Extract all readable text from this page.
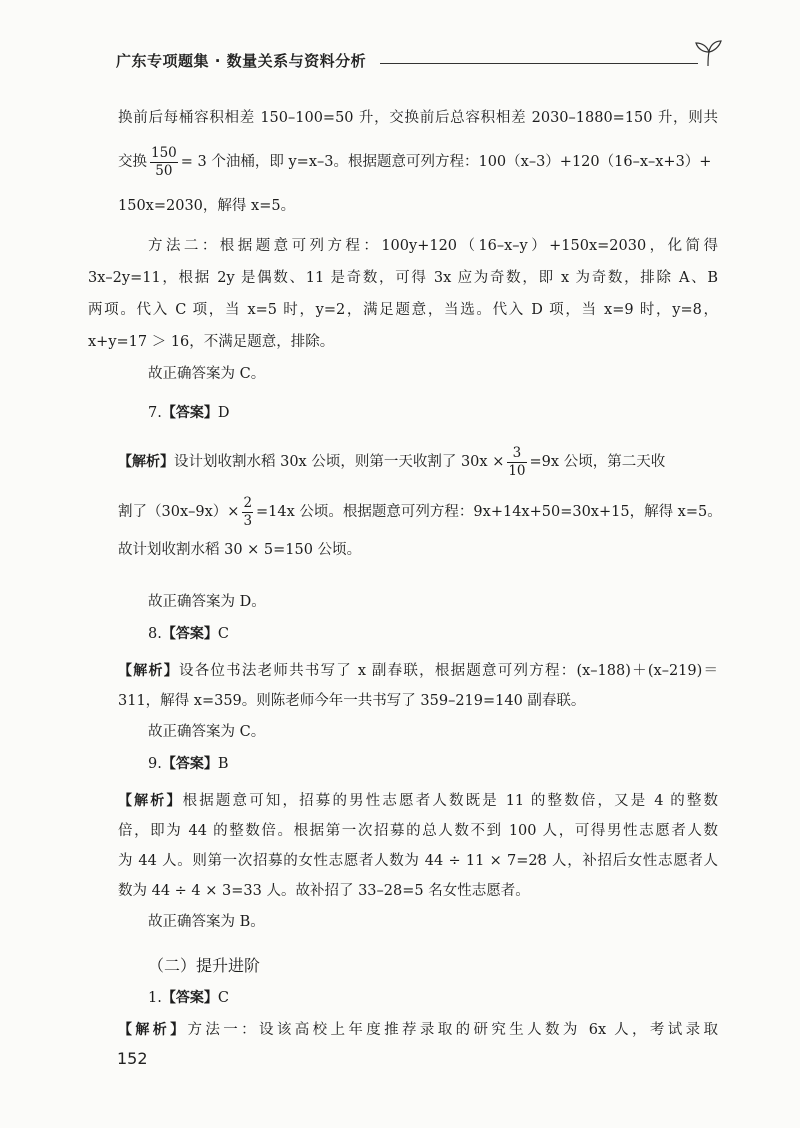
广东专项题集 · 数量关系与资料分析

换前后每桶容积相差 150–100=50 升，交换前后总容积相差 2030–1880=150 升，则共

交换 $\frac{150}{50} = 3$ 个油桶，即 y=x–3。根据题意可列方程：100（x–3）+120（16–x–x+3）+

150x=2030，解得 x=5。

方法二：根据题意可列方程：100y+120（16–x–y）+150x=2030，化简得
3x–2y=11，根据 2y 是偶数、11 是奇数，可得 3x 应为奇数，即 x 为奇数，排除 A、B
两项。代入 C 项，当 x=5 时，y=2，满足题意，当选。代入 D 项，当 x=9 时，y=8，
x+y=17 ＞ 16，不满足题意，排除。

故正确答案为 C。

7.【答案】D

【解析】 设计划收割水稻 30x 公顷，则第一天收割了 $30x \times \frac{3}{10} =9x$ 公顷，第二天收

割了$(30x-9x)\times \frac{2}{3} =14x$ 公顷。根据题意可列方程：9x+14x+50=30x+15，解得 x=5。

故计划收割水稻 30 × 5=150 公顷。

故正确答案为 D。

8.【答案】C

【解析】设各位书法老师共书写了 x 副春联，根据题意可列方程：(x–188)＋(x–219)＝
311，解得 x=359。则陈老师今年一共书写了 359–219=140 副春联。

故正确答案为 C。

9.【答案】B

【解析】根据题意可知，招募的男性志愿者人数既是 11 的整数倍，又是 4 的整数
倍，即为 44 的整数倍。根据第一次招募的总人数不到 100 人，可得男性志愿者人数
为 44 人。则第一次招募的女性志愿者人数为 44 ÷ 11 × 7=28 人，补招后女性志愿者人
数为 44 ÷ 4 × 3=33 人。故补招了 33–28=5 名女性志愿者。

故正确答案为 B。

（二）提升进阶

1.【答案】C

【解析】方法一：设该高校上年度推荐录取的研究生人数为 6x 人，考试录取

152
